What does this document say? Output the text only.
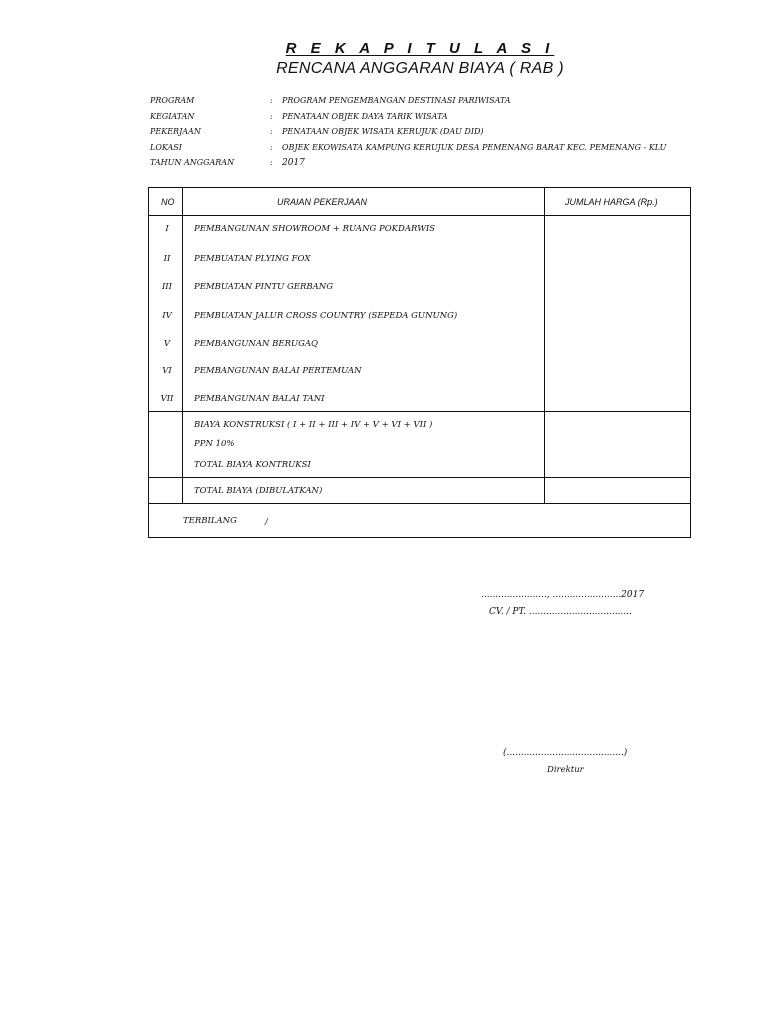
R E K A P I T U L A S I
RENCANA ANGGARAN BIAYA ( RAB )
PROGRAM	: PROGRAM PENGEMBANGAN DESTINASI PARIWISATA
KEGIATAN	: PENATAAN OBJEK DAYA TARIK WISATA
PEKERJAAN	: PENATAAN OBJEK WISATA KERUJUK (DAU DID)
LOKASI	: OBJEK EKOWISATA KAMPUNG KERUJUK DESA PEMENANG BARAT KEC. PEMENANG - KLU
TAHUN ANGGARAN	: 2017
NO	URAIAN PEKERJAAN	JUMLAH HARGA (Rp.)
I	PEMBANGUNAN SHOWROOM + RUANG POKDARWIS
II	PEMBUATAN PLYING FOX
III	PEMBUATAN PINTU GERBANG
IV	PEMBUATAN JALUR CROSS COUNTRY (SEPEDA GUNUNG)
V	PEMBANGUNAN BERUGAQ
VI	PEMBANGUNAN BALAI PERTEMUAN
VII	PEMBANGUNAN BALAI TANI
BIAYA KONSTRUKSI ( I + II + III + IV + V + VI + VII )
PPN 10%
TOTAL BIAYA KONTRUKSI
TOTAL BIAYA (DIBULATKAN)
TERBILANG	/
......................., ........................2017
CV. / PT. ....................................
(.........................................)
Direktur
